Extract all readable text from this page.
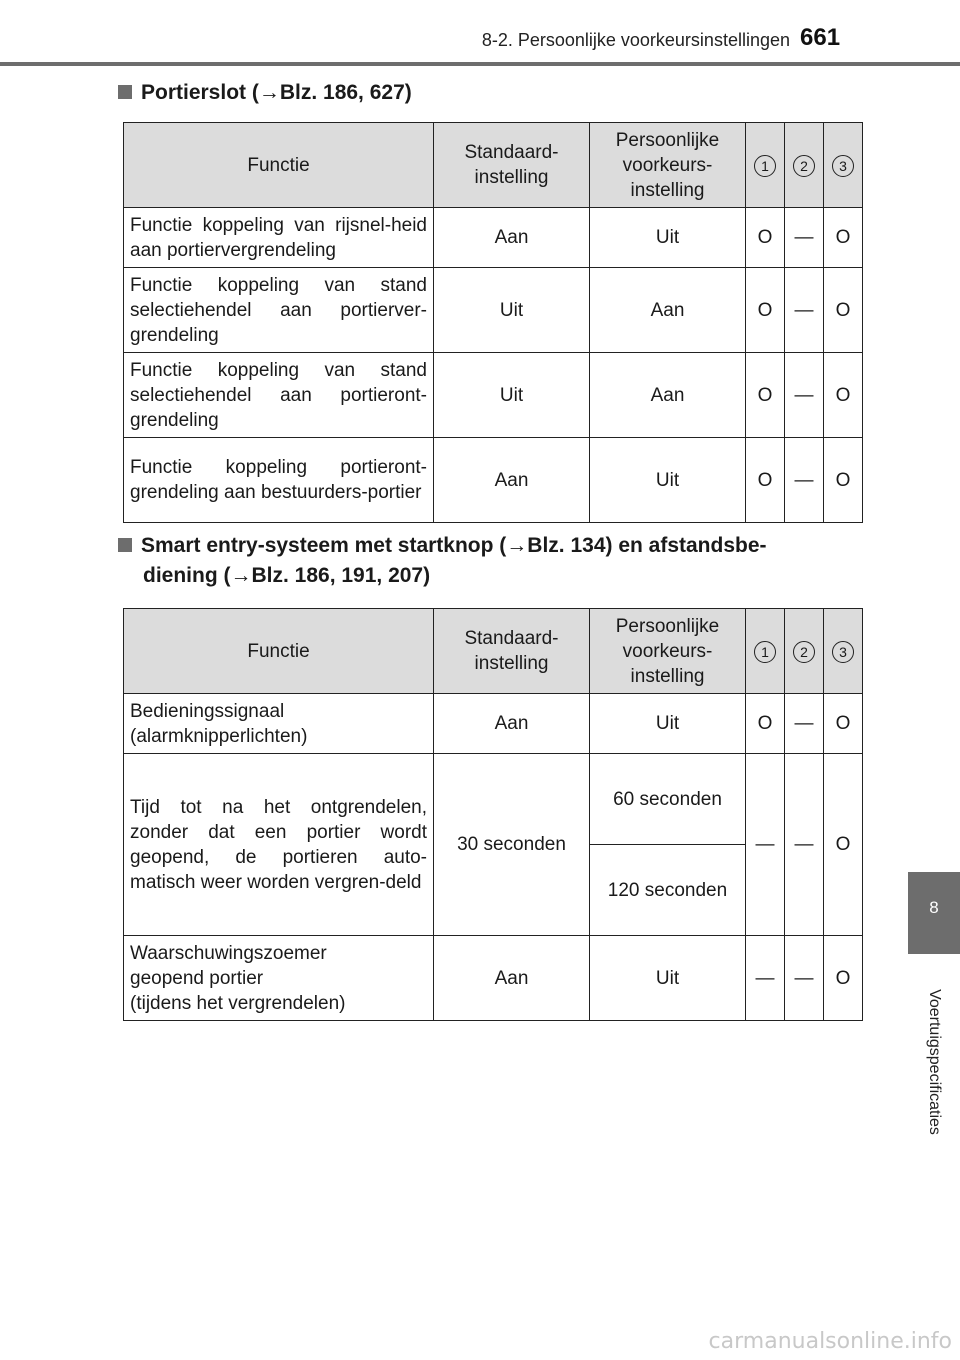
8-2. Persoonlijke voorkeursinstellingen 661
Portierslot (→Blz. 186, 627)
Functie	Standaard-instelling	Persoonlijke voorkeurs-instelling	1	2	3
Functie koppeling van rijsnel-heid aan portiervergrendeling	Aan	Uit	O	—	O
Functie koppeling van stand selectiehendel aan portierver-grendeling	Uit	Aan	O	—	O
Functie koppeling van stand selectiehendel aan portieront-grendeling	Uit	Aan	O	—	O
Functie koppeling portieront-grendeling aan bestuurders-portier	Aan	Uit	O	—	O
Smart entry-systeem met startknop (→Blz. 134) en afstandsbe-
diening (→Blz. 186, 191, 207)
Functie	Standaard-instelling	Persoonlijke voorkeurs-instelling	1	2	3
Bedieningssignaal (alarmknipperlichten)	Aan	Uit	O	—	O
Tijd tot na het ontgrendelen, zonder dat een portier wordt geopend, de portieren auto-matisch weer worden vergren-deld	30 seconden	60 seconden	—	—	O
		120 seconden			
Waarschuwingszoemer
geopend portier
(tijdens het vergrendelen)	Aan	Uit	—	—	O
8
Voertuigspecificaties
carmanualsonline.info
